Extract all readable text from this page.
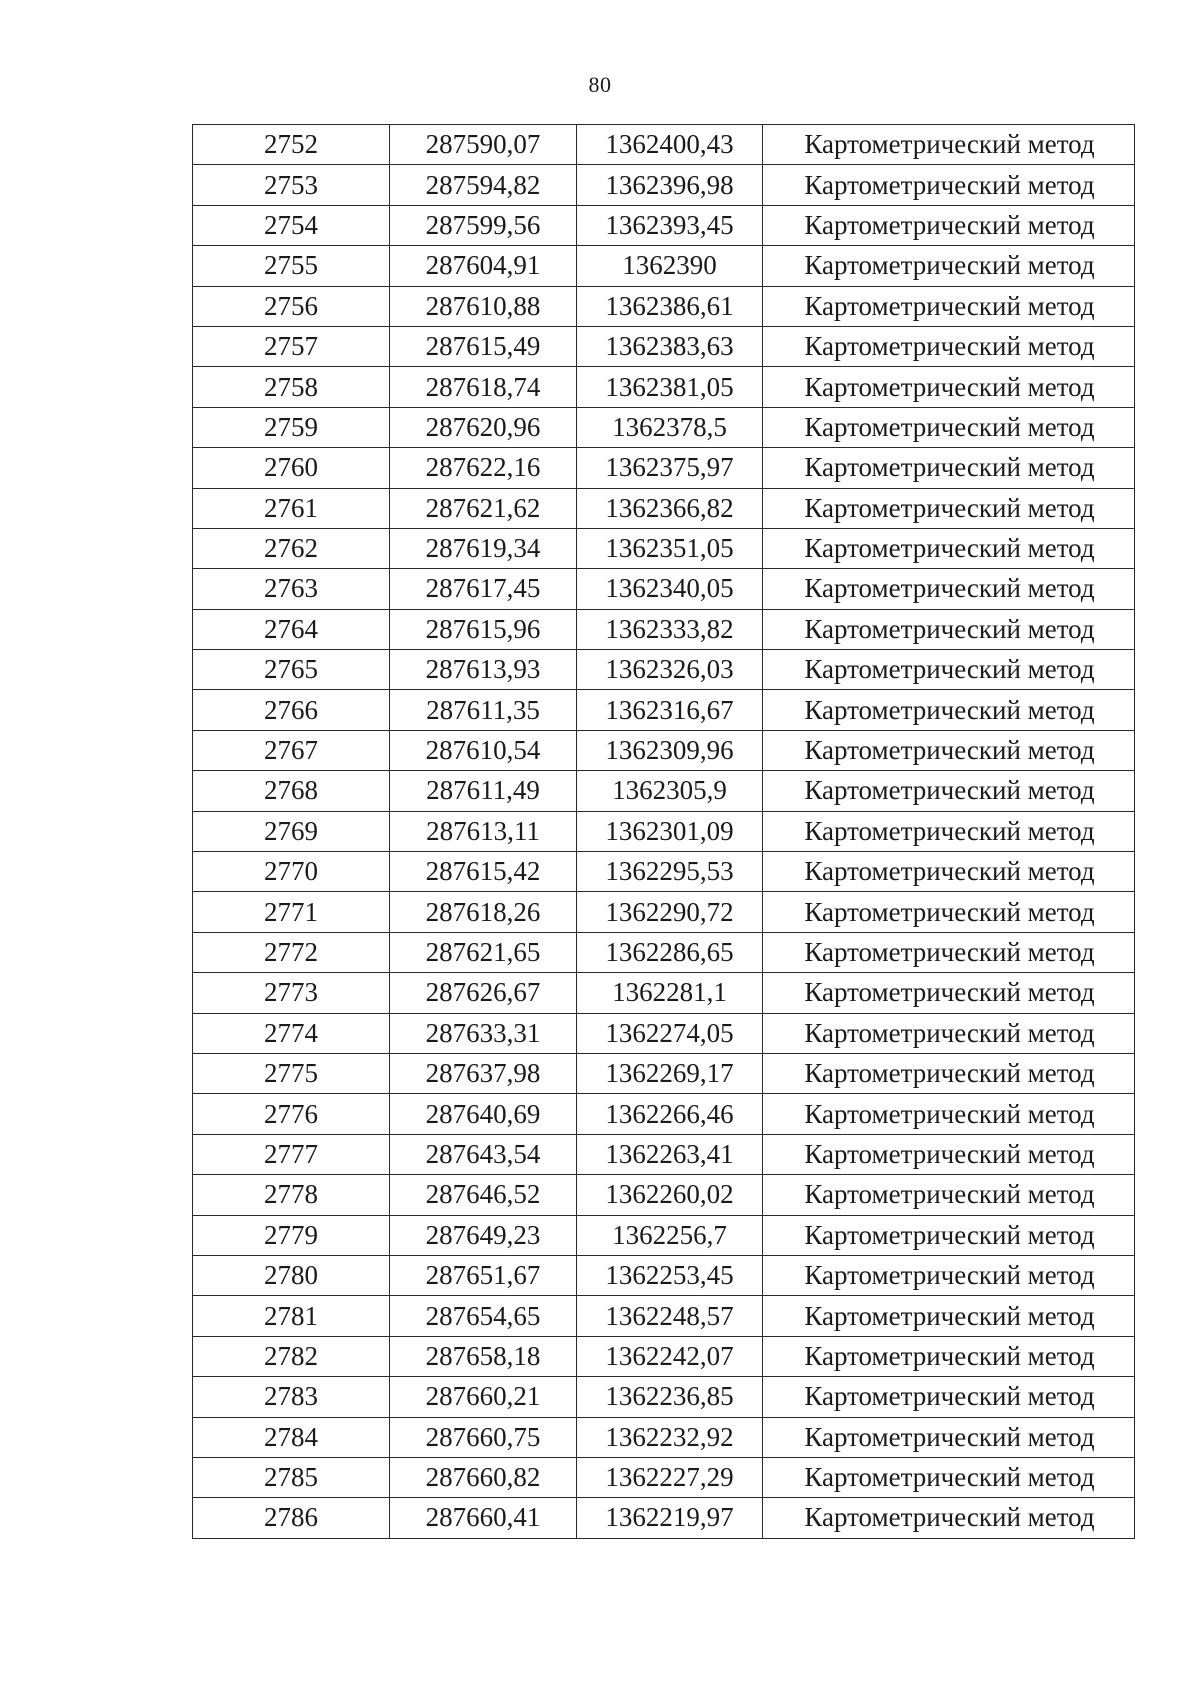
80
2752	287590,07	1362400,43	Картометрический метод
2753	287594,82	1362396,98	Картометрический метод
2754	287599,56	1362393,45	Картометрический метод
2755	287604,91	1362390	Картометрический метод
2756	287610,88	1362386,61	Картометрический метод
2757	287615,49	1362383,63	Картометрический метод
2758	287618,74	1362381,05	Картометрический метод
2759	287620,96	1362378,5	Картометрический метод
2760	287622,16	1362375,97	Картометрический метод
2761	287621,62	1362366,82	Картометрический метод
2762	287619,34	1362351,05	Картометрический метод
2763	287617,45	1362340,05	Картометрический метод
2764	287615,96	1362333,82	Картометрический метод
2765	287613,93	1362326,03	Картометрический метод
2766	287611,35	1362316,67	Картометрический метод
2767	287610,54	1362309,96	Картометрический метод
2768	287611,49	1362305,9	Картометрический метод
2769	287613,11	1362301,09	Картометрический метод
2770	287615,42	1362295,53	Картометрический метод
2771	287618,26	1362290,72	Картометрический метод
2772	287621,65	1362286,65	Картометрический метод
2773	287626,67	1362281,1	Картометрический метод
2774	287633,31	1362274,05	Картометрический метод
2775	287637,98	1362269,17	Картометрический метод
2776	287640,69	1362266,46	Картометрический метод
2777	287643,54	1362263,41	Картометрический метод
2778	287646,52	1362260,02	Картометрический метод
2779	287649,23	1362256,7	Картометрический метод
2780	287651,67	1362253,45	Картометрический метод
2781	287654,65	1362248,57	Картометрический метод
2782	287658,18	1362242,07	Картометрический метод
2783	287660,21	1362236,85	Картометрический метод
2784	287660,75	1362232,92	Картометрический метод
2785	287660,82	1362227,29	Картометрический метод
2786	287660,41	1362219,97	Картометрический метод
